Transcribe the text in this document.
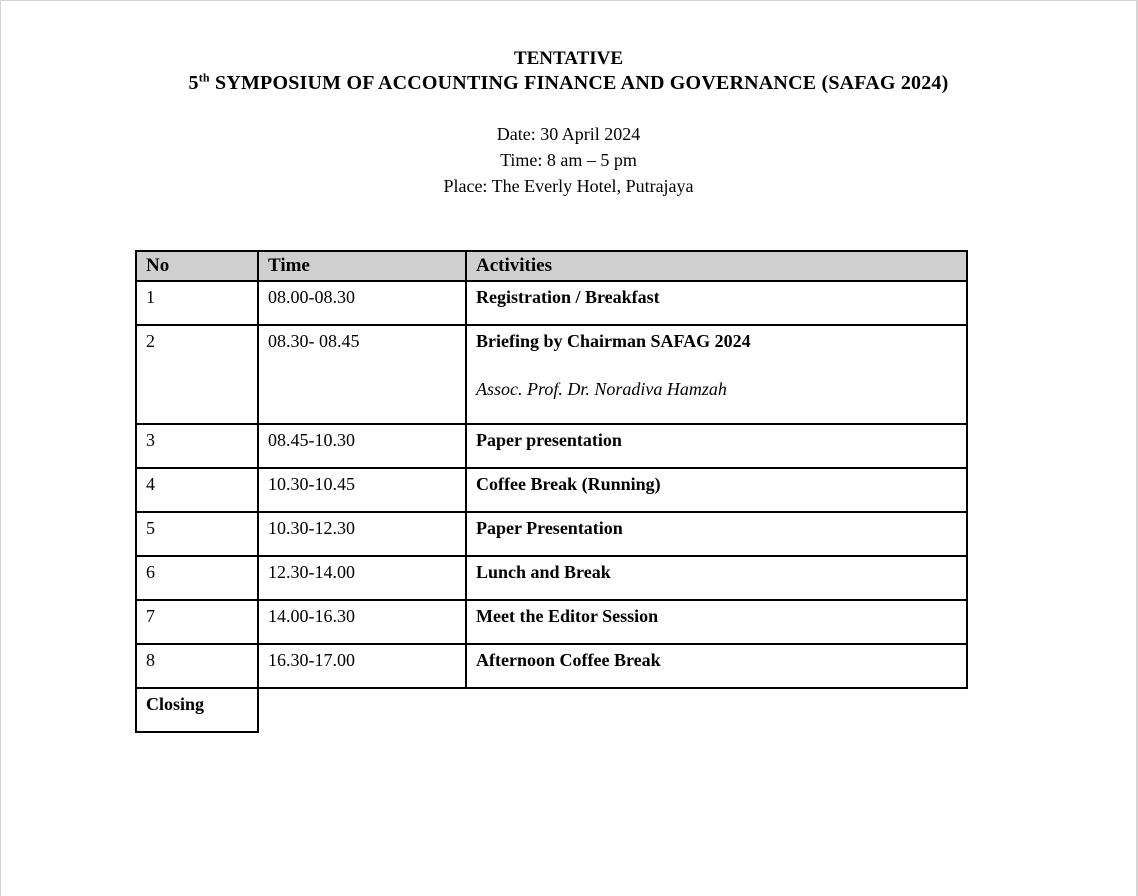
TENTATIVE
5th SYMPOSIUM OF ACCOUNTING FINANCE AND GOVERNANCE (SAFAG 2024)
Date: 30 April 2024
Time: 8 am – 5 pm
Place: The Everly Hotel, Putrajaya
No	Time	Activities
1	08.00-08.30	Registration / Breakfast
2	08.30- 08.45	Briefing by Chairman SAFAG 2024
Assoc. Prof. Dr. Noradiva Hamzah

3	08.45-10.30	Paper presentation
4	10.30-10.45	Coffee Break (Running)
5	10.30-12.30	Paper Presentation
6	12.30-14.00	Lunch and Break
7	14.00-16.30	Meet the Editor Session
8	16.30-17.00	Afternoon Coffee Break
Closing		
